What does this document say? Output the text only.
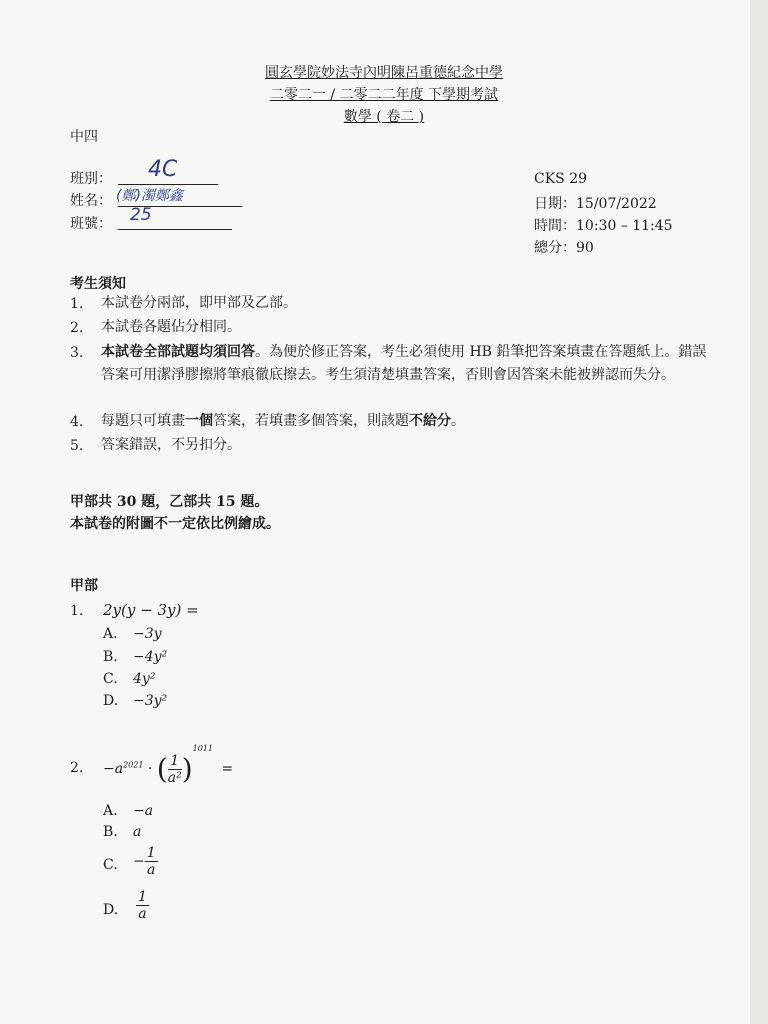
圓玄學院妙法寺內明陳呂重德紀念中學
二零二一 / 二零二二年度 下學期考試
數學 ( 卷二 )
中四
班別： 4C
姓名： (鄭)濁鄭鑫
班號： 25
CKS 29
日期：15/07/2022
時間：10:30 – 11:45
總分：90
考生須知
1. 本試卷分兩部，即甲部及乙部。
2. 本試卷各題佔分相同。
3. 本試卷全部試題均須回答。為便於修正答案，考生必須使用 HB 鉛筆把答案填畫在答題紙上。錯誤答案可用潔淨膠擦將筆痕徹底擦去。考生須清楚填畫答案，否則會因答案未能被辨認而失分。
4. 每題只可填畫一個答案，若填畫多個答案，則該題不給分。
5. 答案錯誤，不另扣分。
甲部共 30 題，乙部共 15 題。
本試卷的附圖不一定依比例繪成。
甲部
1. 2y(y − 3y) =
A. −3y
B. −4y²
C. 4y²
D. −3y²
2. $-a^{2021}$ · ( $\frac{1}{\text{a²}} )^{1011}$ =
A. −a
B. a
C. − $\frac{1}{a}$
D. $\frac{1}{a}$
